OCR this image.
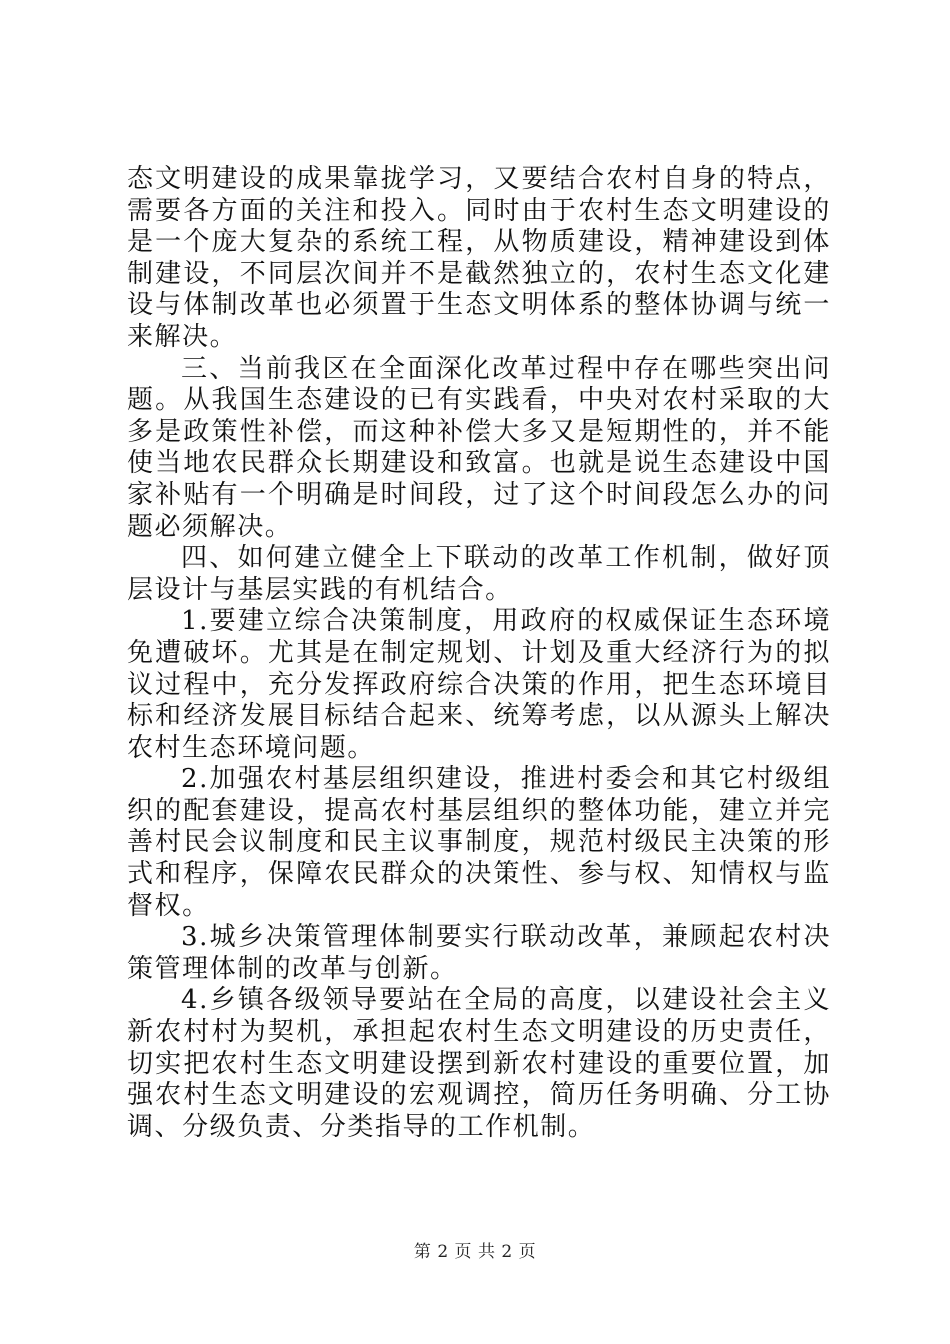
态文明建设的成果靠拢学习，又要结合农村自身的特点，需要各方面的关注和投入。同时由于农村生态文明建设的是一个庞大复杂的系统工程，从物质建设，精神建设到体制建设，不同层次间并不是截然独立的，农村生态文化建设与体制改革也必须置于生态文明体系的整体协调与统一来解决。

三、当前我区在全面深化改革过程中存在哪些突出问题。从我国生态建设的已有实践看，中央对农村采取的大多是政策性补偿，而这种补偿大多又是短期性的，并不能使当地农民群众长期建设和致富。也就是说生态建设中国家补贴有一个明确是时间段，过了这个时间段怎么办的问题必须解决。

四、如何建立健全上下联动的改革工作机制，做好顶层设计与基层实践的有机结合。

1.要建立综合决策制度，用政府的权威保证生态环境免遭破坏。尤其是在制定规划、计划及重大经济行为的拟议过程中，充分发挥政府综合决策的作用，把生态环境目标和经济发展目标结合起来、统筹考虑，以从源头上解决农村生态环境问题。

2.加强农村基层组织建设，推进村委会和其它村级组织的配套建设，提高农村基层组织的整体功能，建立并完善村民会议制度和民主议事制度，规范村级民主决策的形式和程序，保障农民群众的决策性、参与权、知情权与监督权。

3.城乡决策管理体制要实行联动改革，兼顾起农村决策管理体制的改革与创新。

4.乡镇各级领导要站在全局的高度，以建设社会主义新农村村为契机，承担起农村生态文明建设的历史责任，切实把农村生态文明建设摆到新农村建设的重要位置，加强农村生态文明建设的宏观调控，简历任务明确、分工协调、分级负责、分类指导的工作机制。

第 2 页 共 2 页
